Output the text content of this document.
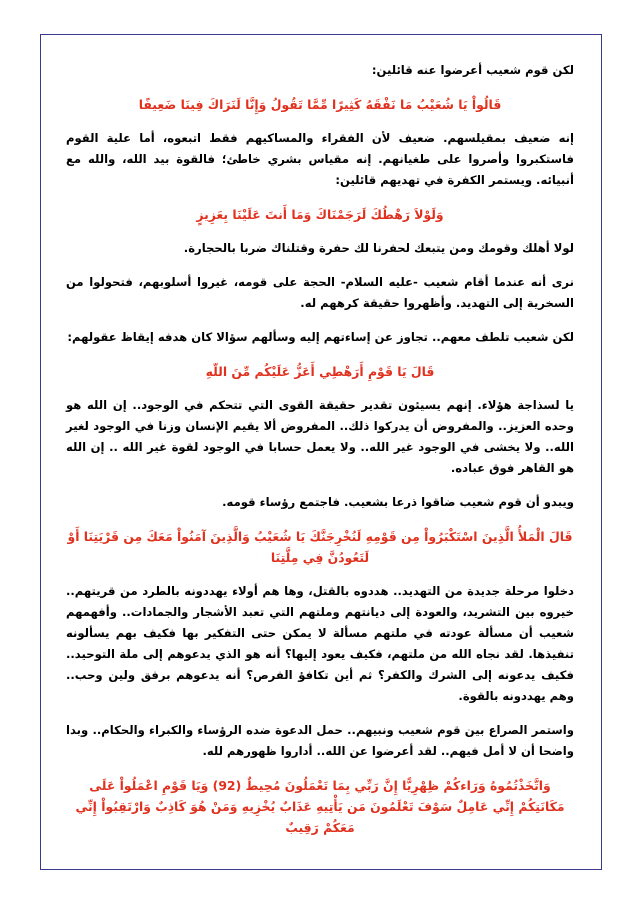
لكن قوم شعيب أعرضوا عنه قائلين:

قَالُواْ يَا شُعَيْبُ مَا نَفْقَهُ كَثِيرًا مِّمَّا تَقُولُ وَإِنَّا لَنَرَاكَ فِينَا ضَعِيفًا

إنه ضعيف بمقيلسهم. ضعيف لأن الفقراء والمساكيهم فقط اتبعوه، أما علية القوم فاستكبروا وأصروا على طغيانهم. إنه مقياس بشري خاطئ؛ فالقوة بيد الله، والله مع أنبيائه. ويستمر الكفرة في تهديهم قائلين:

وَلَوْلاَ رَهْطُكَ لَرَجَمْنَاكَ وَمَا أَنتَ عَلَيْنَا بِعَزِيزٍ

لولا أهلك وقومك ومن يتبعك لحفرنا لك حفرة وقتلناك ضربا بالحجارة.

نرى أنه عندما أقام شعيب -عليه السلام- الحجة على قومه، غيروا أسلوبهم، فتحولوا من السخرية إلى التهديد. وأظهروا حقيقة كرههم له.

لكن شعيب تلطف معهم.. تجاوز عن إساءتهم إليه وسألهم سؤالا كان هدفه إيقاظ عقولهم:

قَالَ يَا قَوْمِ أَرَهْطِي أَعَزُّ عَلَيْكُم مِّنَ اللّهِ

يا لسذاجة هؤلاء. إنهم يسيئون تقدير حقيقة القوى التي تتحكم في الوجود.. إن الله هو وحده العزيز.. والمفروض أن يدركوا ذلك.. المفروض ألا يقيم الإنسان وزنا في الوجود لغير الله.. ولا يخشى في الوجود غير الله.. ولا يعمل حسابا في الوجود لقوة غير الله .. إن الله هو القاهر فوق عباده.

ويبدو أن قوم شعيب ضاقوا ذرعا بشعيب. فاجتمع رؤساء قومه.

قَالَ الْمَلأُ الَّذِينَ اسْتَكْبَرُواْ مِن قَوْمِهِ لَنُخْرِجَنَّكَ يَا شُعَيْبُ وَالَّذِينَ آمَنُواْ مَعَكَ مِن قَرْيَتِنَا أَوْ لَتَعُودُنَّ فِي مِلَّتِنَا

دخلوا مرحلة جديدة من التهديد.. هددوه بالقتل، وها هم أولاء يهددونه بالطرد من قريتهم.. خيروه بين التشريد، والعودة إلى ديانتهم وملتهم التي تعبد الأشجار والجمادات.. وأفهمهم شعيب أن مسألة عودته في ملتهم مسألة لا يمكن حتى التفكير بها فكيف بهم يسألونه تنفيذها. لقد نجاه الله من ملتهم، فكيف يعود إليها؟ أنه هو الذي يدعوهم إلى ملة التوحيد.. فكيف يدعونه إلى الشرك والكفر؟ ثم أين تكافؤ الفرص؟ أنه يدعوهم برفق ولين وحب.. وهم يهددونه بالقوة.

واستمر الصراع بين قوم شعيب ونبيهم.. حمل الدعوة ضده الرؤساء والكبراء والحكام.. وبدا واضحا أن لا أمل فيهم.. لقد أعرضوا عن الله.. أداروا ظهورهم لله.

وَاتَّخَذْتُمُوهُ وَرَاءكُمْ ظِهْرِيًّا إِنَّ رَبِّي بِمَا تَعْمَلُونَ مُحِيطٌ (92) وَيَا قَوْمِ اعْمَلُواْ عَلَى مَكَانَتِكُمْ إِنِّي عَامِلٌ سَوْفَ تَعْلَمُونَ مَن يَأْتِيهِ عَذَابٌ يُخْزِيهِ وَمَنْ هُوَ كَاذِبٌ وَارْتَقِبُواْ إِنِّي مَعَكُمْ رَقِيبٌ
